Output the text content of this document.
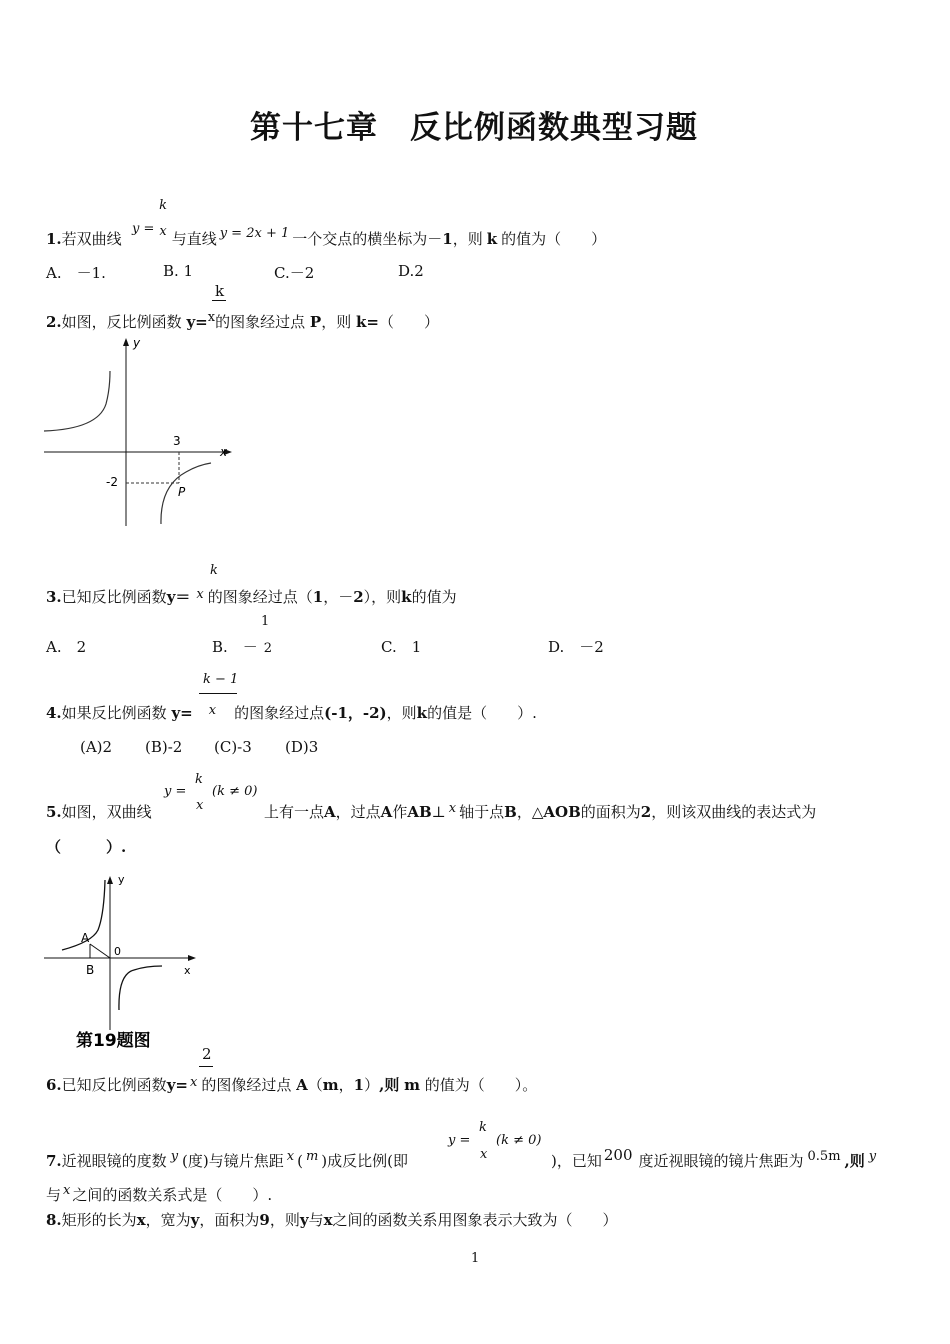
第十七章　反比例函数典型习题
y =
k
x
1.若双曲线	与直线 y = 2x + 1 一个交点的横坐标为－1，则 k 的值为（　　）
A.　－1.	B. 1	C.－2	D.2
k
2.如图，反比例函数 y=x的图象经过点 P，则 k=（　　）
y
x
3
-2
P
k
3.已知反比例函数y＝ x 的图象经过点（1，－2），则k的值为
A.　2
1
B.　－ 2	C.　1	D.　－2
k − 1
4.如果反比例函数 y= x 的图象经过点(-1，-2)，则k的值是（　　）.
(A)2 (B)-2 (C)-3 (D)3
k
y = (k ≠ 0)
x
5.如图，双曲线	上有一点A，过点A作AB⊥ x 轴于点B，△AOB的面积为2，则该双曲线的表达式为
（　　　）.
y
x
0
A
B
第19题图
2
6.已知反比例函数y= x 的图像经过点 A（m，1）,则 m 的值为（　　）。
k
y = (k ≠ 0)
x
7.近视眼镜的度数 y (度)与镜片焦距 x ( m )成反比例(即	)，已知 200 度近视眼镜的镜片焦距为 0.5m ,则 y
与 x 之间的函数关系式是（　　）.
8.矩形的长为x，宽为y，面积为9，则y与x之间的函数关系用图象表示大致为（　　）
1
